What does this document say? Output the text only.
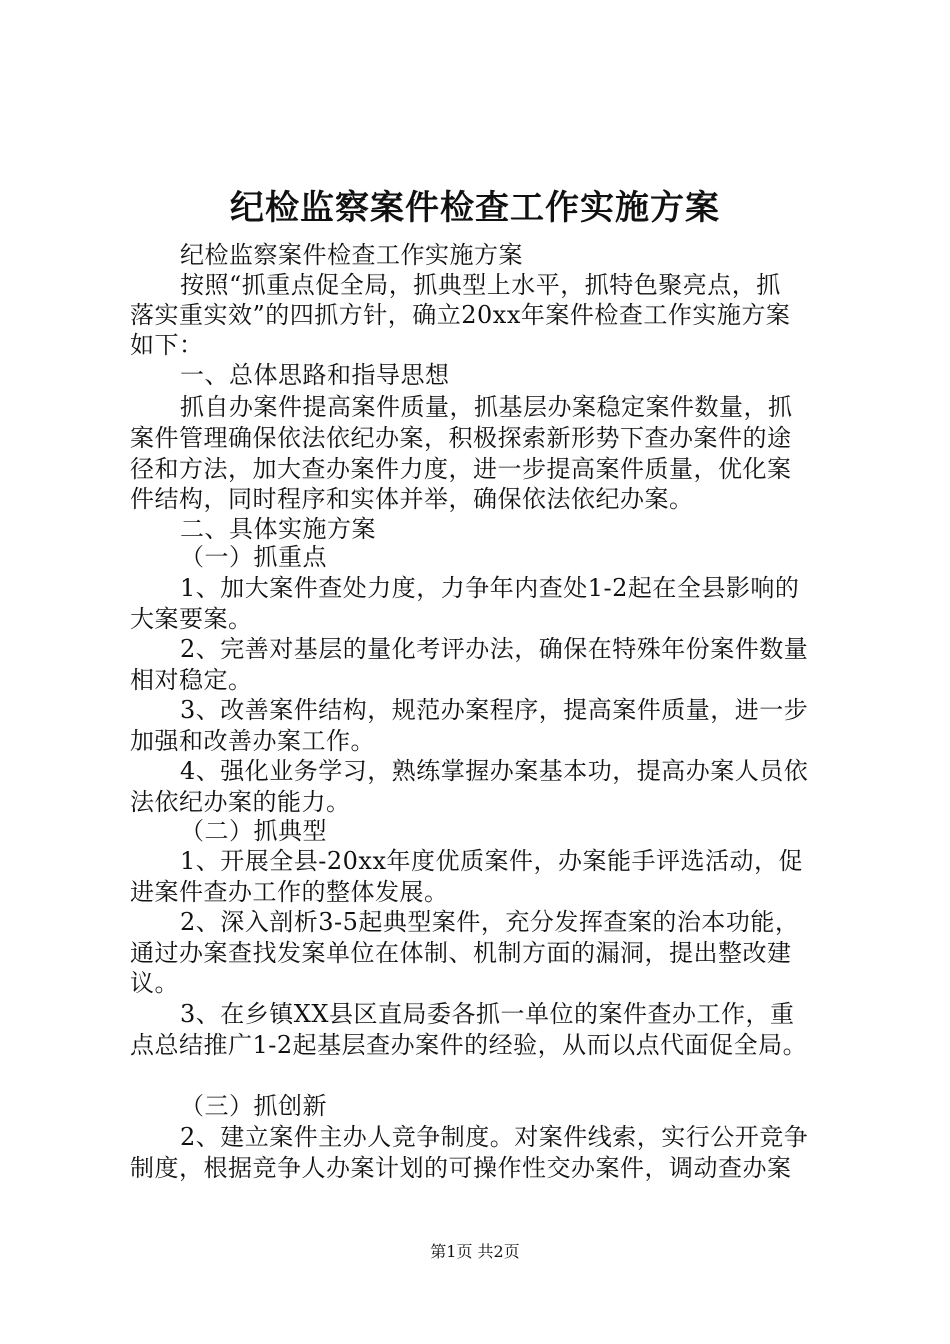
纪检监察案件检查工作实施方案
纪检监察案件检查工作实施方案
按照“抓重点促全局，抓典型上水平，抓特色聚亮点，抓
落实重实效”的四抓方针，确立20xx年案件检查工作实施方案
如下：
一、总体思路和指导思想
抓自办案件提高案件质量，抓基层办案稳定案件数量，抓
案件管理确保依法依纪办案，积极探索新形势下查办案件的途
径和方法，加大查办案件力度，进一步提高案件质量，优化案
件结构，同时程序和实体并举，确保依法依纪办案。
二、具体实施方案
（一）抓重点
1、加大案件查处力度，力争年内查处1-2起在全县影响的
大案要案。
2、完善对基层的量化考评办法，确保在特殊年份案件数量
相对稳定。
3、改善案件结构，规范办案程序，提高案件质量，进一步
加强和改善办案工作。
4、强化业务学习，熟练掌握办案基本功，提高办案人员依
法依纪办案的能力。
（二）抓典型
1、开展全县-20xx年度优质案件，办案能手评选活动，促
进案件查办工作的整体发展。
2、深入剖析3-5起典型案件，充分发挥查案的治本功能，
通过办案查找发案单位在体制、机制方面的漏洞，提出整改建
议。
3、在乡镇XX县区直局委各抓一单位的案件查办工作，重
点总结推广1-2起基层查办案件的经验，从而以点代面促全局。
（三）抓创新
2、建立案件主办人竞争制度。对案件线索，实行公开竞争
制度，根据竞争人办案计划的可操作性交办案件，调动查办案
第1页 共2页
